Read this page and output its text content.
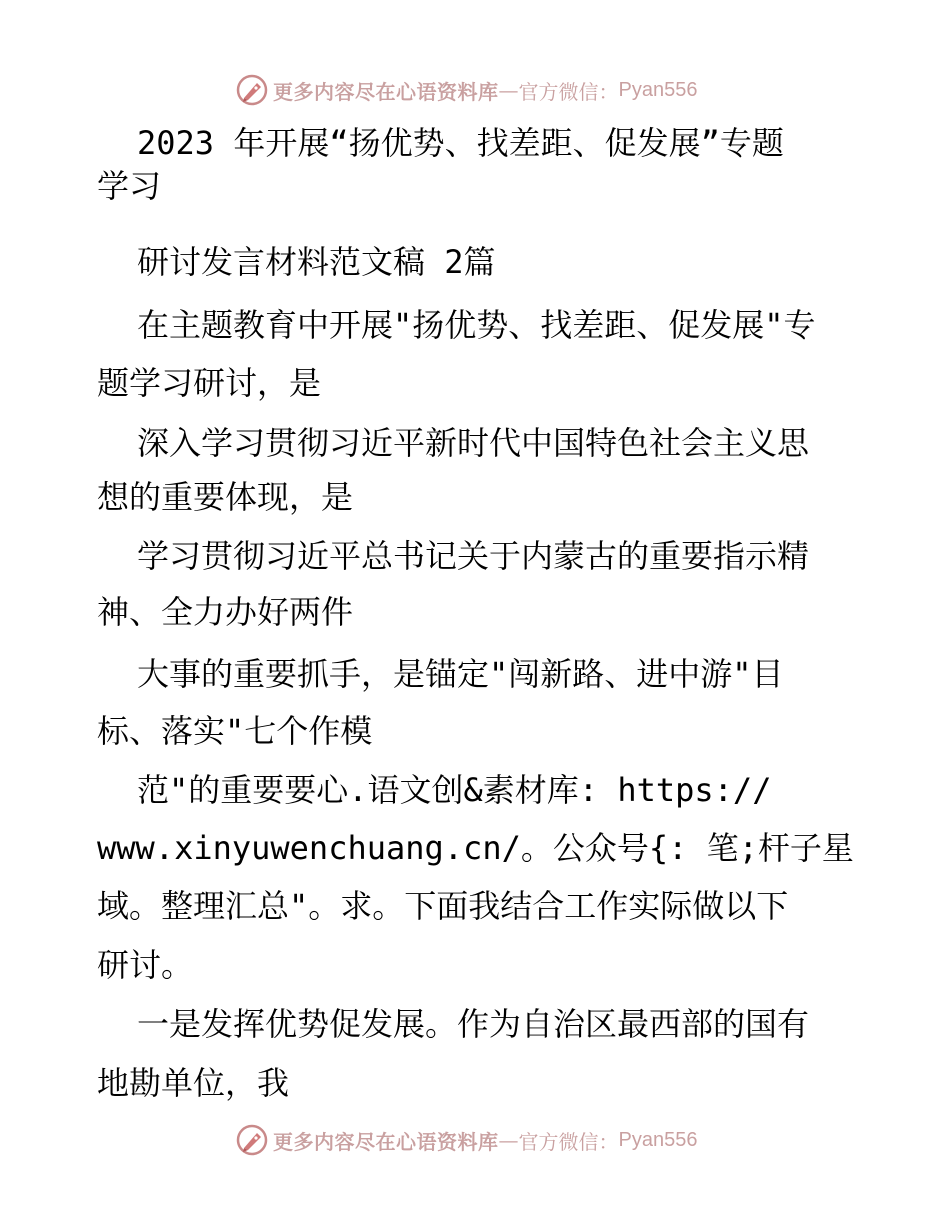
更多内容尽在心语资料库 — 官方微信： Pyan556
2023 年开展“扬优势、找差距、促发展”专题
学习
研讨发言材料范文稿 2篇
在主题教育中开展"扬优势、找差距、促发展"专
题学习研讨，是
深入学习贯彻习近平新时代中国特色社会主义思
想的重要体现，是
学习贯彻习近平总书记关于内蒙古的重要指示精
神、全力办好两件
大事的重要抓手，是锚定"闯新路、进中游"目
标、落实"七个作模
范"的重要要心.语文创&素材库: https://
www.xinyuwenchuang.cn/。公众号{: 笔;杆子星
域。整理汇总"。求。下面我结合工作实际做以下
研讨。
一是发挥优势促发展。作为自治区最西部的国有
地勘单位，我
更多内容尽在心语资料库 — 官方微信： Pyan556
